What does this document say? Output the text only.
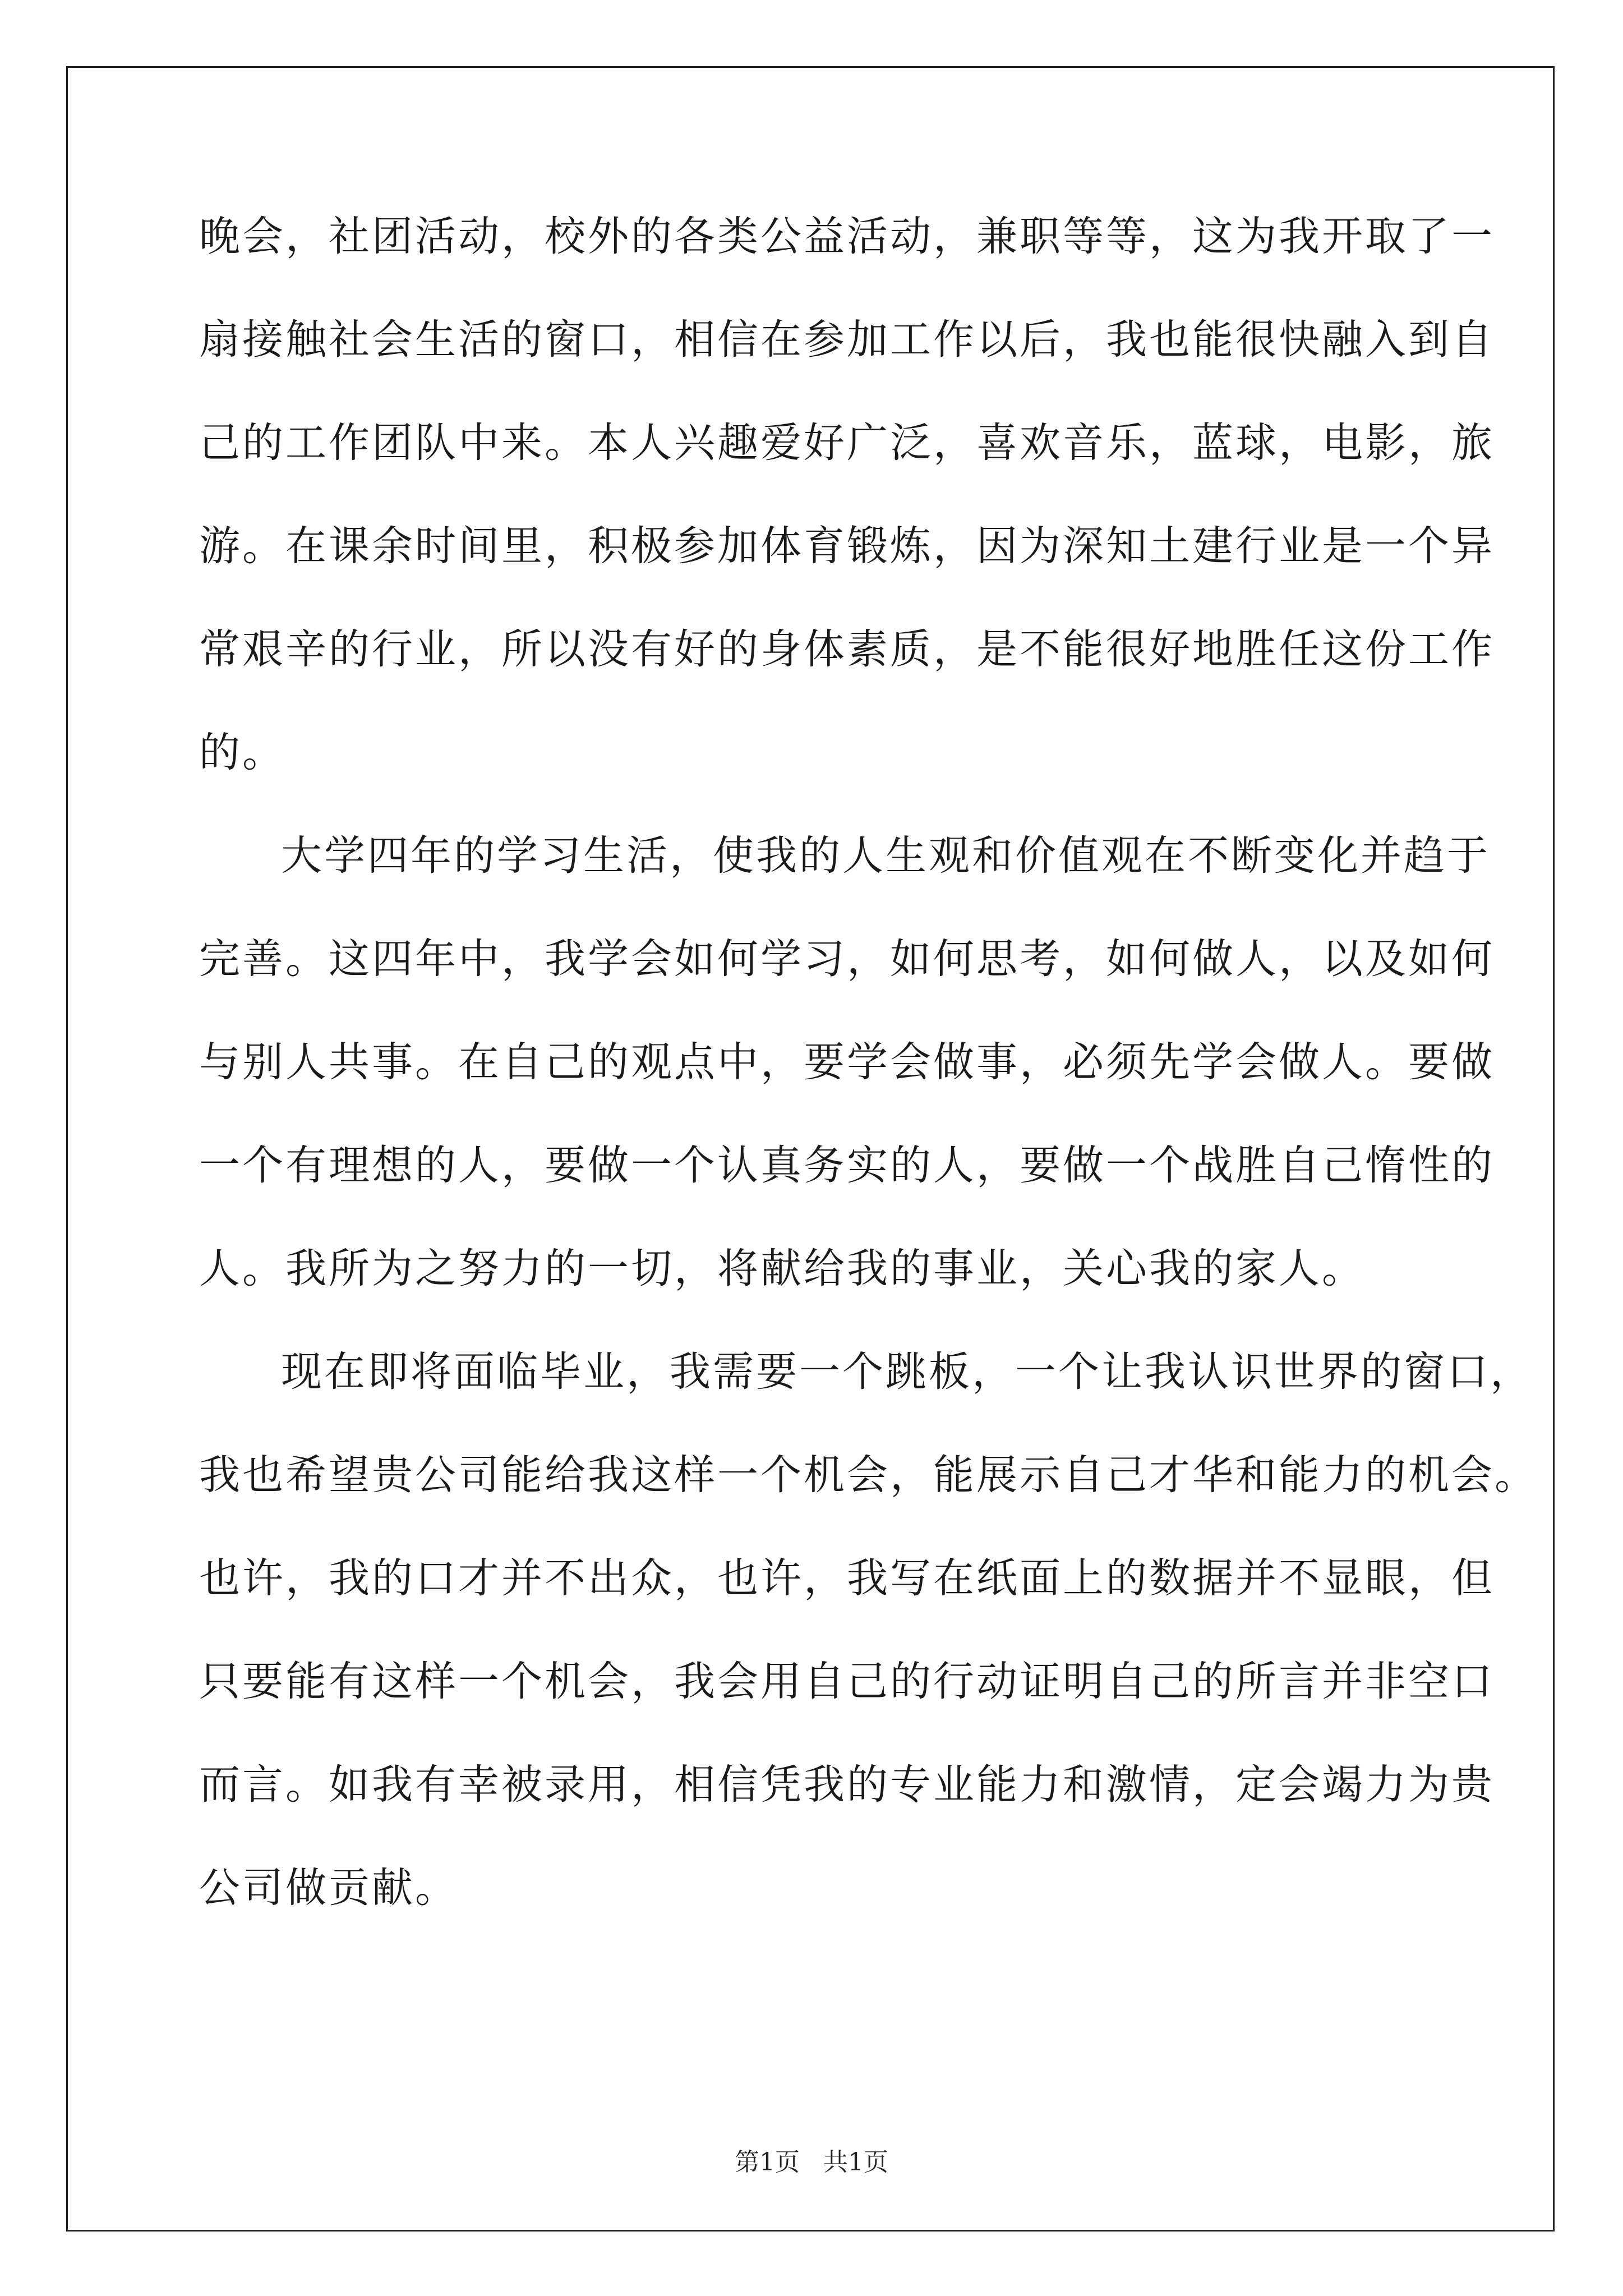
晚会，社团活动，校外的各类公益活动，兼职等等，这为我开取了一

扇接触社会生活的窗口，相信在参加工作以后，我也能很快融入到自

己的工作团队中来。本人兴趣爱好广泛，喜欢音乐，蓝球，电影，旅

游。在课余时间里，积极参加体育锻炼，因为深知土建行业是一个异

常艰辛的行业，所以没有好的身体素质，是不能很好地胜任这份工作

的。

大学四年的学习生活，使我的人生观和价值观在不断变化并趋于

完善。这四年中，我学会如何学习，如何思考，如何做人，以及如何

与别人共事。在自己的观点中，要学会做事，必须先学会做人。要做

一个有理想的人，要做一个认真务实的人，要做一个战胜自己惰性的

人。我所为之努力的一切，将献给我的事业，关心我的家人。

现在即将面临毕业，我需要一个跳板，一个让我认识世界的窗口，

我也希望贵公司能给我这样一个机会，能展示自己才华和能力的机会。

也许，我的口才并不出众，也许，我写在纸面上的数据并不显眼，但

只要能有这样一个机会，我会用自己的行动证明自己的所言并非空口

而言。如我有幸被录用，相信凭我的专业能力和激情，定会竭力为贵

公司做贡献。

第1页   共1页
